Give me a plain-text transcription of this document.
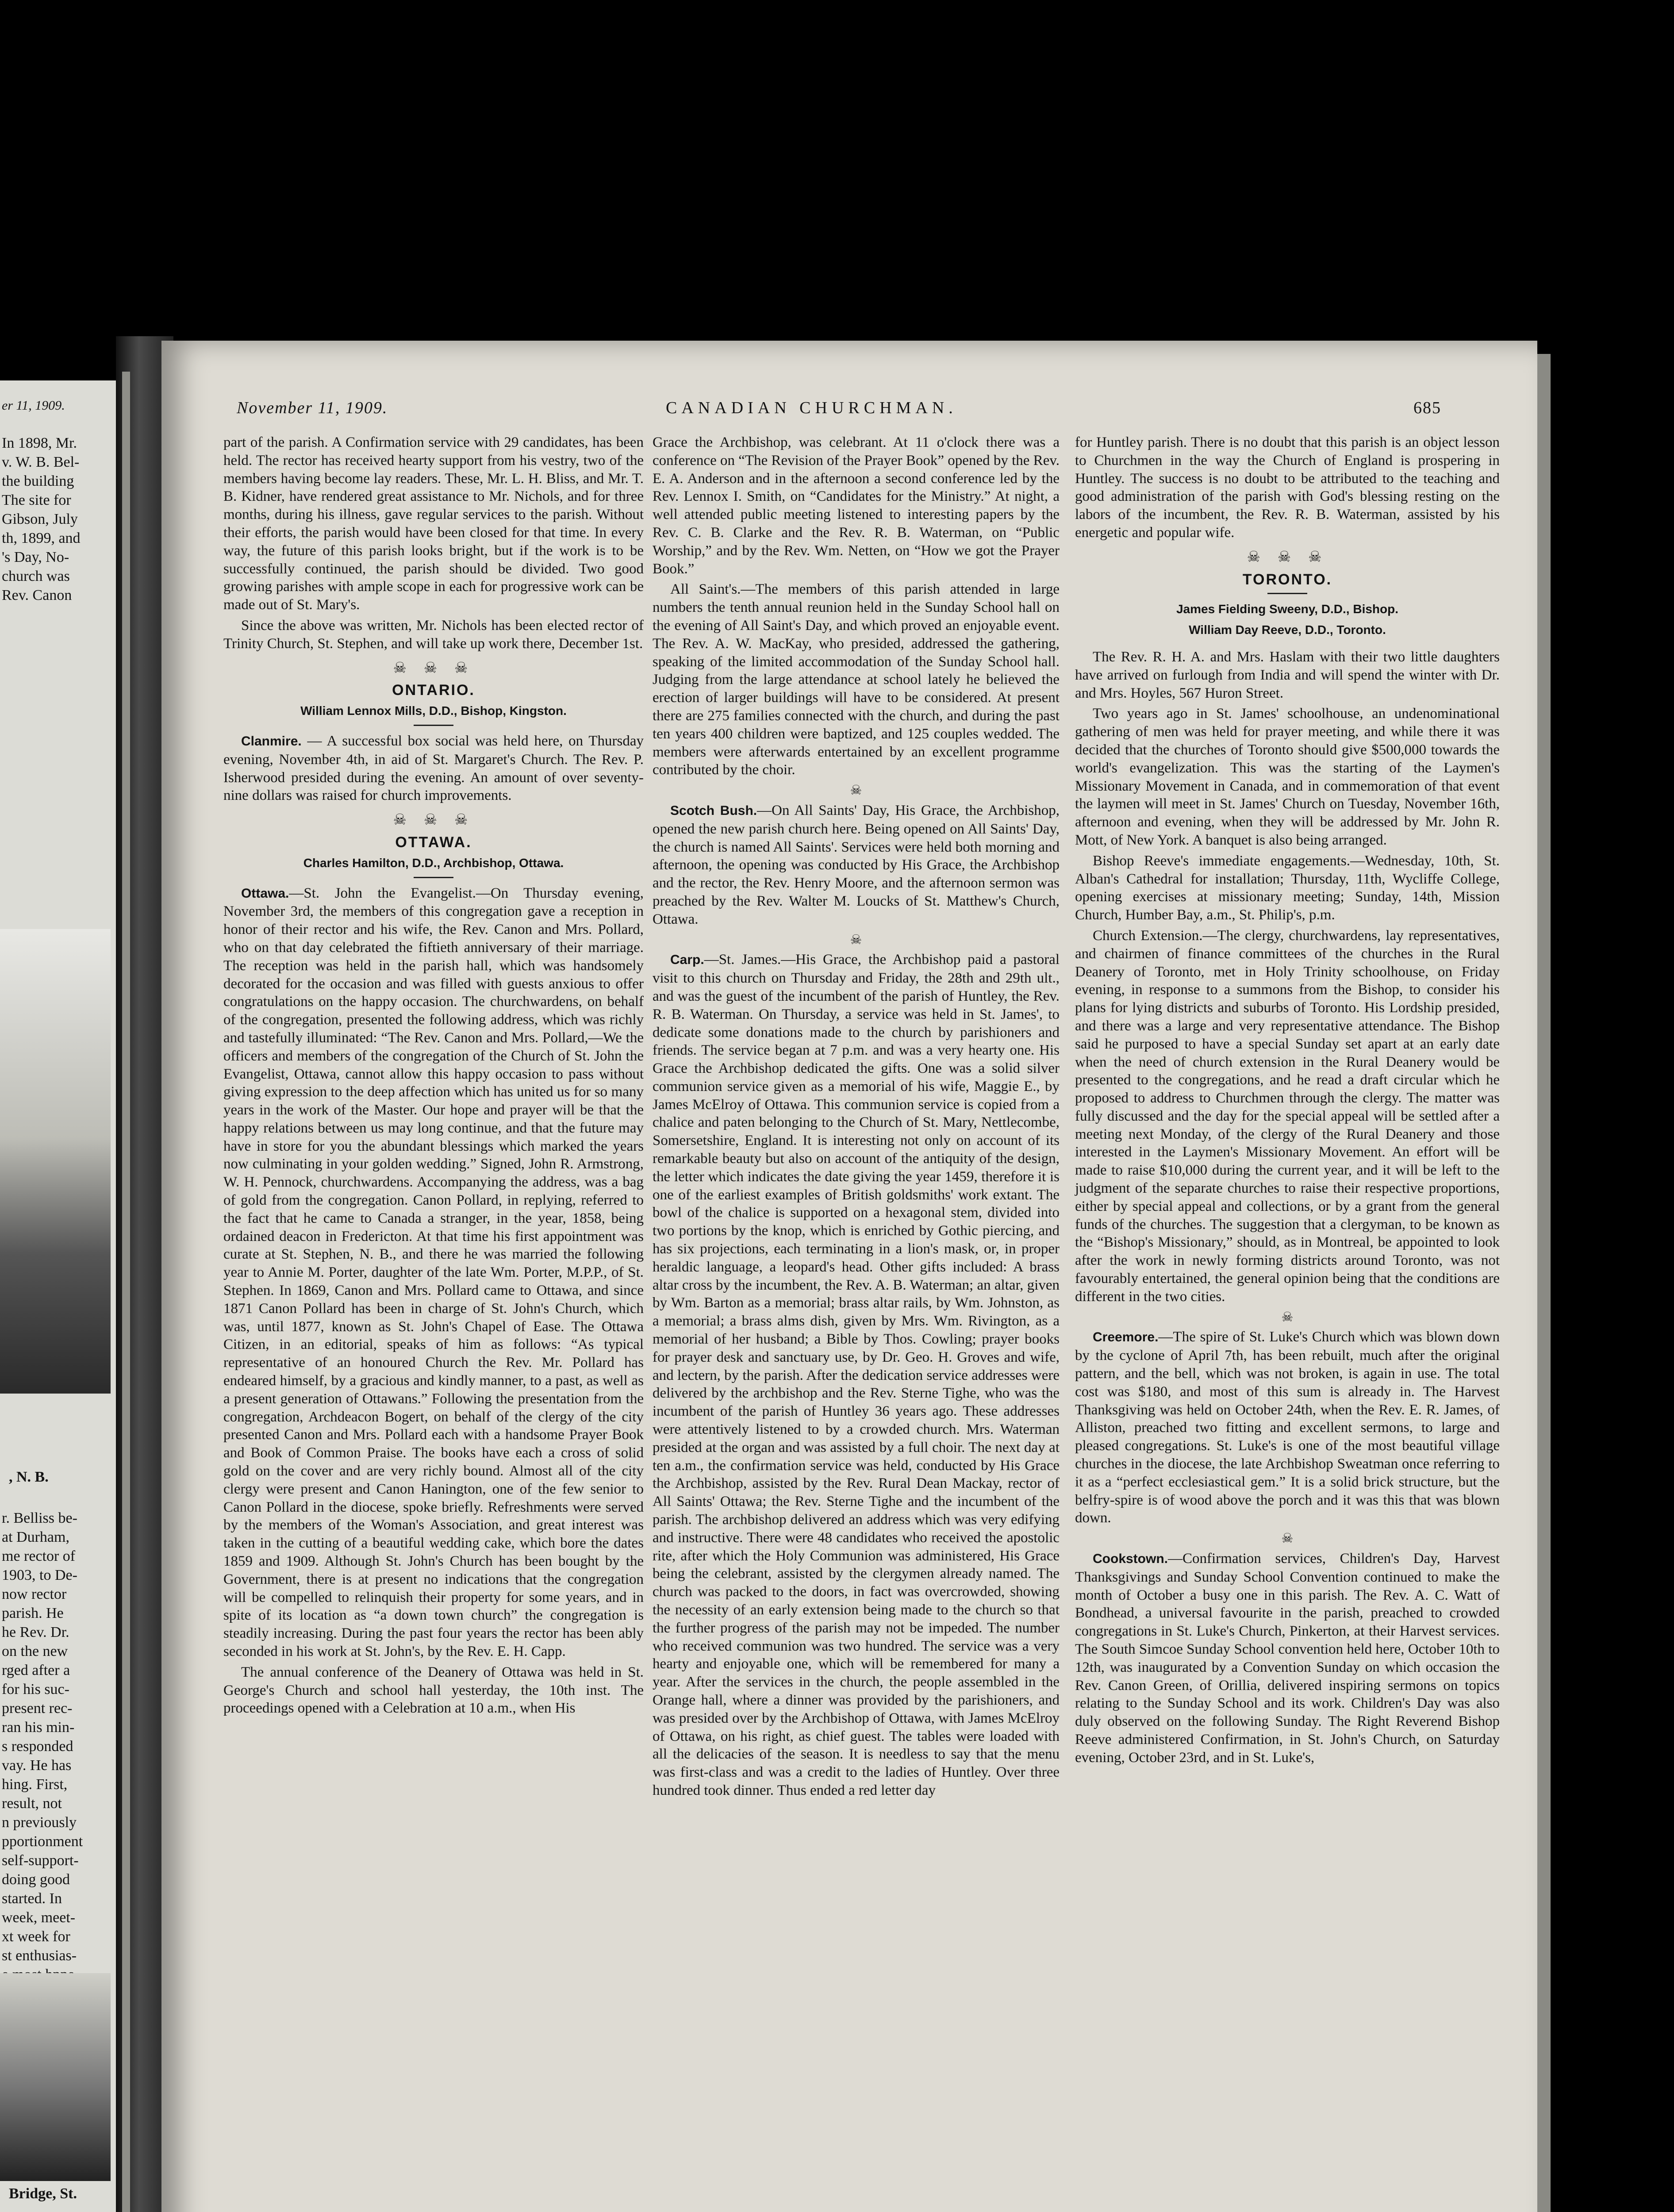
er 11, 1909.
In 1898, Mr.
v. W. B. Bel-
the building
The site for
Gibson, July
th, 1899, and
's Day, No-
church was
Rev. Canon
, N. B.
r. Belliss be-
at Durham,
me rector of
1903, to De-
now rector
parish. He
he Rev. Dr.
on the new
rged after a
for his suc-
present rec-
ran his min-
s responded
vay. He has
hing. First,
result, not
n previously
pportionment
self-support-
doing good
started. In
week, meet-
xt week for
st enthusias-

Bridge, St.
November 11, 1909.	CANADIAN CHURCHMAN.	685

part of the parish. A Confirmation service with 29 candidates, has been held. The rector has received hearty support from his vestry, two of the members having become lay readers. These, Mr. L. H. Bliss, and Mr. T. B. Kidner, have rendered great assistance to Mr. Nichols, and for three months, during his illness, gave regular services to the parish. Without their efforts, the parish would have been closed for that time. In every way, the future of this parish looks bright, but if the work is to be successfully continued, the parish should be divided. Two good growing parishes with ample scope in each for progressive work can be made out of St. Mary's.

Since the above was written, Mr. Nichols has been elected rector of Trinity Church, St. Stephen, and will take up work there, December 1st.

☠ ☠ ☠
ONTARIO.
William Lennox Mills, D.D., Bishop, Kingston.

Clanmire. — A successful box social was held here, on Thursday evening, November 4th, in aid of St. Margaret's Church. The Rev. P. Isherwood presided during the evening. An amount of over seventy-nine dollars was raised for church improvements.

☠ ☠ ☠
OTTAWA.
Charles Hamilton, D.D., Archbishop, Ottawa.

Ottawa.—St. John the Evangelist.—On Thursday evening, November 3rd, the members of this congregation gave a reception in honor of their rector and his wife, the Rev. Canon and Mrs. Pollard, who on that day celebrated the fiftieth anniversary of their marriage. The reception was held in the parish hall, which was handsomely decorated for the occasion and was filled with guests anxious to offer congratulations on the happy occasion. The churchwardens, on behalf of the congregation, presented the following address, which was richly and tastefully illuminated: “The Rev. Canon and Mrs. Pollard,—We the officers and members of the congregation of the Church of St. John the Evangelist, Ottawa, cannot allow this happy occasion to pass without giving expression to the deep affection which has united us for so many years in the work of the Master. Our hope and prayer will be that the happy relations between us may long continue, and that the future may have in store for you the abundant blessings which marked the years now culminating in your golden wedding.” Signed, John R. Armstrong, W. H. Pennock, churchwardens. Accompanying the address, was a bag of gold from the congregation. Canon Pollard, in replying, referred to the fact that he came to Canada a stranger, in the year, 1858, being ordained deacon in Fredericton. At that time his first appointment was curate at St. Stephen, N. B., and there he was married the following year to Annie M. Porter, daughter of the late Wm. Porter, M.P.P., of St. Stephen. In 1869, Canon and Mrs. Pollard came to Ottawa, and since 1871 Canon Pollard has been in charge of St. John's Church, which was, until 1877, known as St. John's Chapel of Ease. The Ottawa Citizen, in an editorial, speaks of him as follows: “As typical representative of an honoured Church the Rev. Mr. Pollard has endeared himself, by a gracious and kindly manner, to a past, as well as a present generation of Ottawans.” Following the presentation from the congregation, Archdeacon Bogert, on behalf of the clergy of the city presented Canon and Mrs. Pollard each with a handsome Prayer Book and Book of Common Praise. The books have each a cross of solid gold on the cover and are very richly bound. Almost all of the city clergy were present and Canon Hanington, one of the few senior to Canon Pollard in the diocese, spoke briefly. Refreshments were served by the members of the Woman's Association, and great interest was taken in the cutting of a beautiful wedding cake, which bore the dates 1859 and 1909. Although St. John's Church has been bought by the Government, there is at present no indications that the congregation will be compelled to relinquish their property for some years, and in spite of its location as “a down town church” the congregation is steadily increasing. During the past four years the rector has been ably seconded in his work at St. John's, by the Rev. E. H. Capp.

The annual conference of the Deanery of Ottawa was held in St. George's Church and school hall yesterday, the 10th inst. The proceedings opened with a Celebration at 10 a.m., when His

Grace the Archbishop, was celebrant. At 11 o'clock there was a conference on “The Revision of the Prayer Book” opened by the Rev. E. A. Anderson and in the afternoon a second conference led by the Rev. Lennox I. Smith, on “Candidates for the Ministry.” At night, a well attended public meeting listened to interesting papers by the Rev. C. B. Clarke and the Rev. R. B. Waterman, on “Public Worship,” and by the Rev. Wm. Netten, on “How we got the Prayer Book.”

All Saint's.—The members of this parish attended in large numbers the tenth annual reunion held in the Sunday School hall on the evening of All Saint's Day, and which proved an enjoyable event. The Rev. A. W. MacKay, who presided, addressed the gathering, speaking of the limited accommodation of the Sunday School hall. Judging from the large attendance at school lately he believed the erection of larger buildings will have to be considered. At present there are 275 families connected with the church, and during the past ten years 400 children were baptized, and 125 couples wedded. The members were afterwards entertained by an excellent programme contributed by the choir.

☠

Scotch Bush.—On All Saints' Day, His Grace, the Archbishop, opened the new parish church here. Being opened on All Saints' Day, the church is named All Saints'. Services were held both morning and afternoon, the opening was conducted by His Grace, the Archbishop and the rector, the Rev. Henry Moore, and the afternoon sermon was preached by the Rev. Walter M. Loucks of St. Matthew's Church, Ottawa.

☠

Carp.—St. James.—His Grace, the Archbishop paid a pastoral visit to this church on Thursday and Friday, the 28th and 29th ult., and was the guest of the incumbent of the parish of Huntley, the Rev. R. B. Waterman. On Thursday, a service was held in St. James', to dedicate some donations made to the church by parishioners and friends. The service began at 7 p.m. and was a very hearty one. His Grace the Archbishop dedicated the gifts. One was a solid silver communion service given as a memorial of his wife, Maggie E., by James McElroy of Ottawa. This communion service is copied from a chalice and paten belonging to the Church of St. Mary, Nettlecombe, Somersetshire, England. It is interesting not only on account of its remarkable beauty but also on account of the antiquity of the design, the letter which indicates the date giving the year 1459, therefore it is one of the earliest examples of British goldsmiths' work extant. The bowl of the chalice is supported on a hexagonal stem, divided into two portions by the knop, which is enriched by Gothic piercing, and has six projections, each terminating in a lion's mask, or, in proper heraldic language, a leopard's head. Other gifts included: A brass altar cross by the incumbent, the Rev. A. B. Waterman; an altar, given by Wm. Barton as a memorial; brass altar rails, by Wm. Johnston, as a memorial; a brass alms dish, given by Mrs. Wm. Rivington, as a memorial of her husband; a Bible by Thos. Cowling; prayer books for prayer desk and sanctuary use, by Dr. Geo. H. Groves and wife, and lectern, by the parish. After the dedication service addresses were delivered by the archbishop and the Rev. Sterne Tighe, who was the incumbent of the parish of Huntley 36 years ago. These addresses were attentively listened to by a crowded church. Mrs. Waterman presided at the organ and was assisted by a full choir. The next day at ten a.m., the confirmation service was held, conducted by His Grace the Archbishop, assisted by the Rev. Rural Dean Mackay, rector of All Saints' Ottawa; the Rev. Sterne Tighe and the incumbent of the parish. The archbishop delivered an address which was very edifying and instructive. There were 48 candidates who received the apostolic rite, after which the Holy Communion was administered, His Grace being the celebrant, assisted by the clergymen already named. The church was packed to the doors, in fact was overcrowded, showing the necessity of an early extension being made to the church so that the further progress of the parish may not be impeded. The number who received communion was two hundred. The service was a very hearty and enjoyable one, which will be remembered for many a year. After the services in the church, the people assembled in the Orange hall, where a dinner was provided by the parishioners, and was presided over by the Archbishop of Ottawa, with James McElroy of Ottawa, on his right, as chief guest. The tables were loaded with all the delicacies of the season. It is needless to say that the menu was first-class and was a credit to the ladies of Huntley. Over three hundred took dinner. Thus ended a red letter day

for Huntley parish. There is no doubt that this parish is an object lesson to Churchmen in the way the Church of England is prospering in Huntley. The success is no doubt to be attributed to the teaching and good administration of the parish with God's blessing resting on the labors of the incumbent, the Rev. R. B. Waterman, assisted by his energetic and popular wife.

☠ ☠ ☠
TORONTO.
James Fielding Sweeny, D.D., Bishop.
William Day Reeve, D.D., Toronto.

The Rev. R. H. A. and Mrs. Haslam with their two little daughters have arrived on furlough from India and will spend the winter with Dr. and Mrs. Hoyles, 567 Huron Street.

Two years ago in St. James' schoolhouse, an undenominational gathering of men was held for prayer meeting, and while there it was decided that the churches of Toronto should give $500,000 towards the world's evangelization. This was the starting of the Laymen's Missionary Movement in Canada, and in commemoration of that event the laymen will meet in St. James' Church on Tuesday, November 16th, afternoon and evening, when they will be addressed by Mr. John R. Mott, of New York. A banquet is also being arranged.

Bishop Reeve's immediate engagements.—Wednesday, 10th, St. Alban's Cathedral for installation; Thursday, 11th, Wycliffe College, opening exercises at missionary meeting; Sunday, 14th, Mission Church, Humber Bay, a.m., St. Philip's, p.m.

Church Extension.—The clergy, churchwardens, lay representatives, and chairmen of finance committees of the churches in the Rural Deanery of Toronto, met in Holy Trinity schoolhouse, on Friday evening, in response to a summons from the Bishop, to consider his plans for lying districts and suburbs of Toronto. His Lordship presided, and there was a large and very representative attendance. The Bishop said he purposed to have a special Sunday set apart at an early date when the need of church extension in the Rural Deanery would be presented to the congregations, and he read a draft circular which he proposed to address to Churchmen through the clergy. The matter was fully discussed and the day for the special appeal will be settled after a meeting next Monday, of the clergy of the Rural Deanery and those interested in the Laymen's Missionary Movement. An effort will be made to raise $10,000 during the current year, and it will be left to the judgment of the separate churches to raise their respective proportions, either by special appeal and collections, or by a grant from the general funds of the churches. The suggestion that a clergyman, to be known as the “Bishop's Missionary,” should, as in Montreal, be appointed to look after the work in newly forming districts around Toronto, was not favourably entertained, the general opinion being that the conditions are different in the two cities.

☠

Creemore.—The spire of St. Luke's Church which was blown down by the cyclone of April 7th, has been rebuilt, much after the original pattern, and the bell, which was not broken, is again in use. The total cost was $180, and most of this sum is already in. The Harvest Thanksgiving was held on October 24th, when the Rev. E. R. James, of Alliston, preached two fitting and excellent sermons, to large and pleased congregations. St. Luke's is one of the most beautiful village churches in the diocese, the late Archbishop Sweatman once referring to it as a “perfect ecclesiastical gem.” It is a solid brick structure, but the belfry-spire is of wood above the porch and it was this that was blown down.

☠

Cookstown.—Confirmation services, Children's Day, Harvest Thanksgivings and Sunday School Convention continued to make the month of October a busy one in this parish. The Rev. A. C. Watt of Bondhead, a universal favourite in the parish, preached to crowded congregations in St. Luke's Church, Pinkerton, at their Harvest services. The South Simcoe Sunday School convention held here, October 10th to 12th, was inaugurated by a Convention Sunday on which occasion the Rev. Canon Green, of Orillia, delivered inspiring sermons on topics relating to the Sunday School and its work. Children's Day was also duly observed on the following Sunday. The Right Reverend Bishop Reeve administered Confirmation, in St. John's Church, on Saturday evening, October 23rd, and in St. Luke's,
